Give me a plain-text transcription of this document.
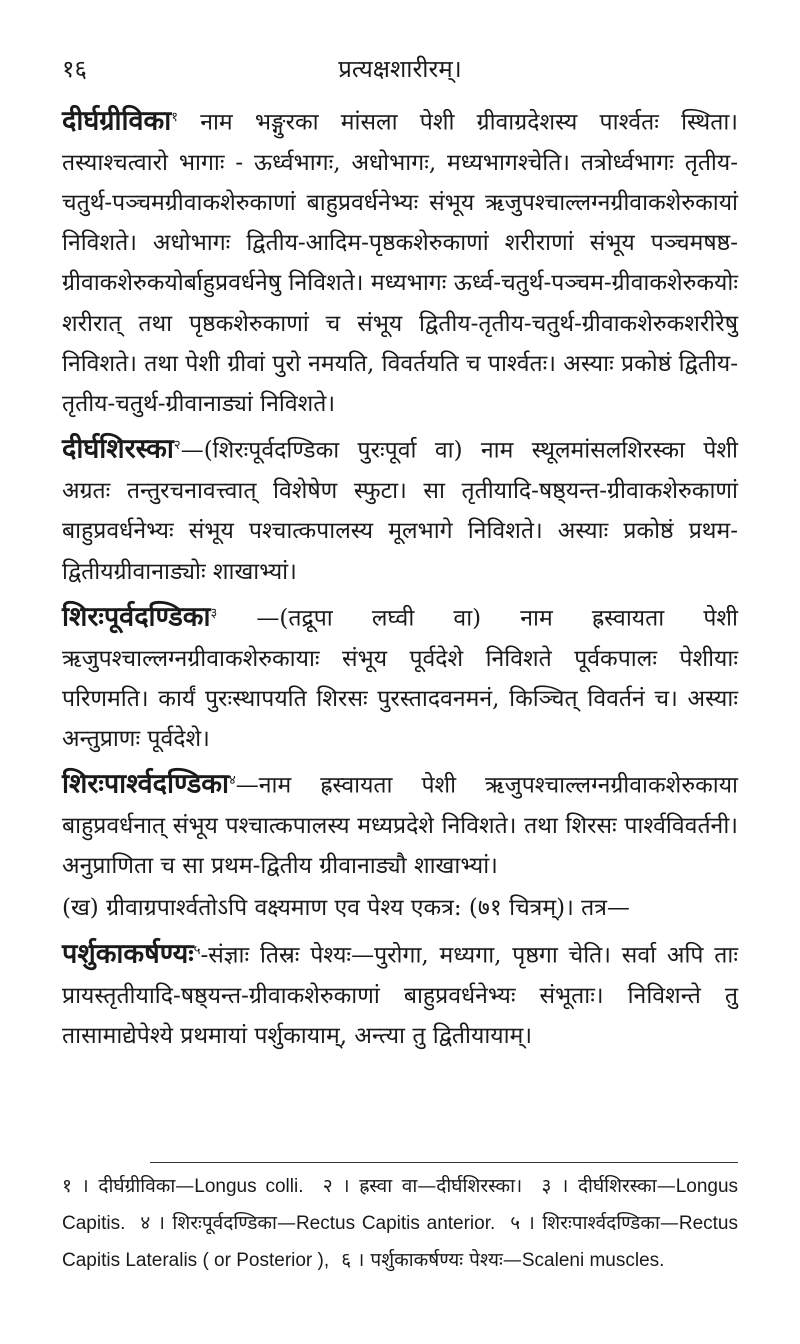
१६	प्रत्यक्षशारीरम्।

दीर्घग्रीविका$^१$ नाम भङ्गुरका मांसला पेशी ग्रीवाग्रदेशस्य पार्श्वतः स्थिता। तस्याश्चत्वारो भागाः - ऊर्ध्वभागः, अधोभागः, मध्यभागश्चेति। तत्रोर्ध्वभागः तृतीय-चतुर्थ-पञ्चमग्रीवाकशेरुकाणां बाहुप्रवर्धनेभ्यः संभूय ऋजुपश्चाल्लग्नग्रीवाकशेरुकायां निविशते। अधोभागः द्वितीय-आदिम-पृष्ठकशेरुकाणां शरीराणां संभूय पञ्चमषष्ठ-ग्रीवाकशेरुकयोर्बाहुप्रवर्धनेषु निविशते। मध्यभागः ऊर्ध्व-चतुर्थ-पञ्चम-ग्रीवाकशेरुकयोः शरीरात् तथा पृष्ठकशेरुकाणां च संभूय द्वितीय-तृतीय-चतुर्थ-ग्रीवाकशेरुकशरीरेषु निविशते। तथा पेशी ग्रीवां पुरो नमयति, विवर्तयति च पार्श्वतः। अस्याः प्रकोष्ठं द्वितीय-तृतीय-चतुर्थ-ग्रीवानाड्यां निविशते।

दीर्घशिरस्का$^२$—(शिरःपूर्वदण्डिका पुरःपूर्वा वा) नाम स्थूलमांसलशिरस्का पेशी अग्रतः तन्तुरचनावत्त्वात् विशेषेण स्फुटा। सा तृतीयादि-षष्ठ्यन्त-ग्रीवाकशेरुकाणां बाहुप्रवर्धनेभ्यः संभूय पश्चात्कपालस्य मूलभागे निविशते। अस्याः प्रकोष्ठं प्रथम-द्वितीयग्रीवानाड्योः शाखाभ्यां।

शिरःपूर्वदण्डिका$^३$ —(तद्रूपा लघ्वी वा) नाम ह्रस्वायता पेशी ऋजुपश्चाल्लग्नग्रीवाकशेरुकायाः संभूय पूर्वदेशे निविशते पूर्वकपालः पेशीयाः परिणमति। कार्यं पुरःस्थापयति शिरसः पुरस्तादवनमनं, किञ्चित् विवर्तनं च। अस्याः अन्तुप्राणः पूर्वदेशे।

शिरःपार्श्वदण्डिका$^४$—नाम ह्रस्वायता पेशी ऋजुपश्चाल्लग्नग्रीवाकशेरुकाया बाहुप्रवर्धनात् संभूय पश्चात्कपालस्य मध्यप्रदेशे निविशते। तथा शिरसः पार्श्वविवर्तनी। अनुप्राणिता च सा प्रथम-द्वितीय ग्रीवानाड्यौ शाखाभ्यां।

(ख) ग्रीवाग्रपार्श्वतोऽपि वक्ष्यमाण एव पेश्य एकत्र: (७१ चित्रम्)। तत्र—

पर्शुकाकर्षण्यः$^५$-संज्ञाः तिस्रः पेश्यः—पुरोगा, मध्यगा, पृष्ठगा चेति। सर्वा अपि ताः प्रायस्तृतीयादि-षष्ठ्यन्त-ग्रीवाकशेरुकाणां बाहुप्रवर्धनेभ्यः संभूताः। निविशन्ते तु तासामाद्येपेश्ये प्रथमायां पर्शुकायाम्, अन्त्या तु द्वितीयायाम्।

१ । दीर्घग्रीविका—Longus colli. २ । ह्रस्वा वा—दीर्घशिरस्का। ३ । दीर्घशिरस्का—Longus Capitis. ४ । शिरःपूर्वदण्डिका—Rectus Capitis anterior. ५ । शिरःपार्श्वदण्डिका—Rectus Capitis Lateralis ( or Posterior ), ६ । पर्शुकाकर्षण्यः पेश्यः—Scaleni muscles.
